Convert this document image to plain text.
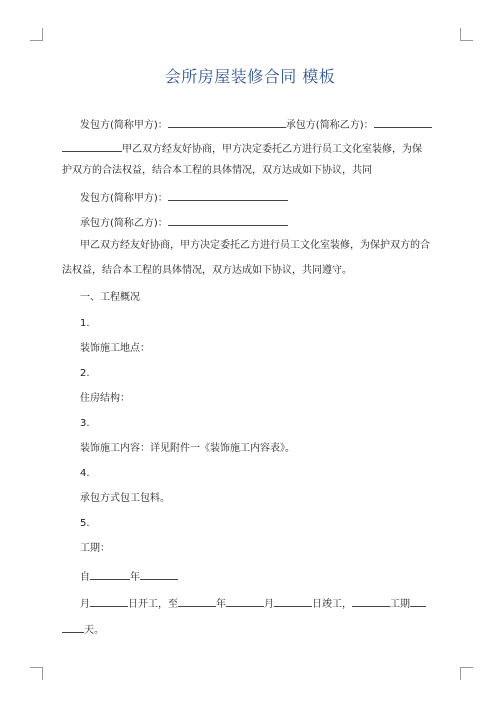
会所房屋装修合同 模板
发包方(简称甲方)：	承包方(简称乙方)：
甲乙双方经友好协商，甲方决定委托乙方进行员工文化室装修，为保
护双方的合法权益，结合本工程的具体情况，双方达成如下协议，共同
发包方(简称甲方)：
承包方(简称乙方)：
甲乙双方经友好协商，甲方决定委托乙方进行员工文化室装修，为保护双方的合
法权益，结合本工程的具体情况，双方达成如下协议，共同遵守。
一、工程概况
1.
装饰施工地点：
2.
住房结构：
3.
装饰施工内容：详见附件一《装饰施工内容表》。
4.
承包方式包工包料。
5.
工期：
自	年
月	日开工，至	年	月	日竣工，	工期
天。
